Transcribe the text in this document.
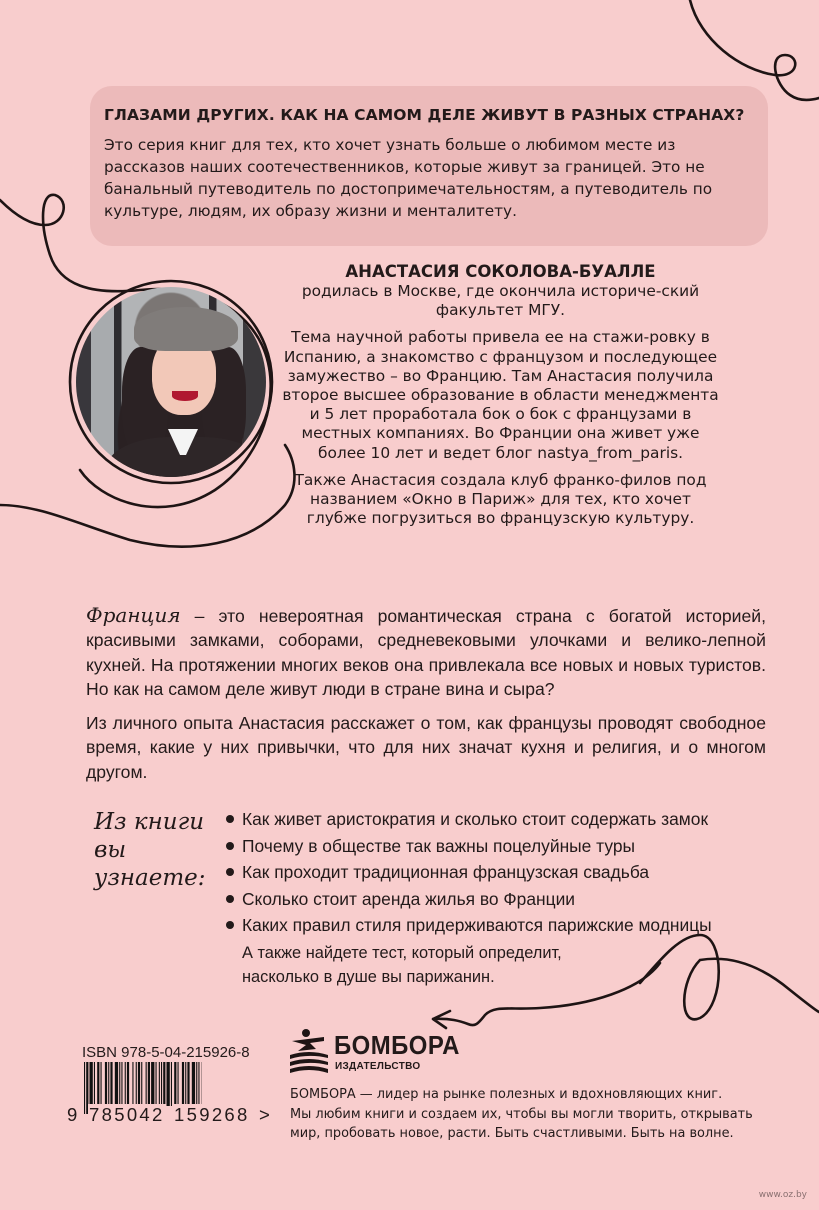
ГЛАЗАМИ ДРУГИХ. КАК НА САМОМ ДЕЛЕ ЖИВУТ В РАЗНЫХ СТРАНАХ?

Это серия книг для тех, кто хочет узнать больше о любимом месте из рассказов наших соотечественников, которые живут за границей. Это не банальный путеводитель по достопримечательностям, а путеводитель по культуре, людям, их образу жизни и менталитету.

АНАСТАСИЯ СОКОЛОВА-БУАЛЛЕ

родилась в Москве, где окончила историче-ский факультет МГУ.

Тема научной работы привела ее на стажи-ровку в Испанию, а знакомство с французом и последующее замужество – во Францию. Там Анастасия получила второе высшее образование в области менеджмента и 5 лет проработала бок о бок с французами в местных компаниях. Во Франции она живет уже более 10 лет и ведет блог nastya_from_paris.

Также Анастасия создала клуб франко-филов под названием «Окно в Париж» для тех, кто хочет глубже погрузиться во французскую культуру.

Франция – это невероятная романтическая страна с богатой историей, красивыми замками, соборами, средневековыми улочками и велико-лепной кухней. На протяжении многих веков она привлекала все новых и новых туристов. Но как на самом деле живут люди в стране вина и сыра?

Из личного опыта Анастасия расскажет о том, как французы проводят свободное время, какие у них привычки, что для них значат кухня и религия, и о многом другом.

Из книги
вы узнаете:
Как живет аристократия и сколько стоит содержать замок
Почему в обществе так важны поцелуйные туры
Как проходит традиционная французская свадьба
Сколько стоит аренда жилья во Франции
Каких правил стиля придерживаются парижские модницы
А также найдете тест, который определит, насколько в душе вы парижанин.
ISBN 978-5-04-215926-8
9 785042 159268 >
БОМБОРА
ИЗДАТЕЛЬСТВО

БОМБОРА — лидер на рынке полезных и вдохновляющих книг.

Мы любим книги и создаем их, чтобы вы могли творить, открывать

мир, пробовать новое, расти. Быть счастливыми. Быть на волне.

www.oz.by
